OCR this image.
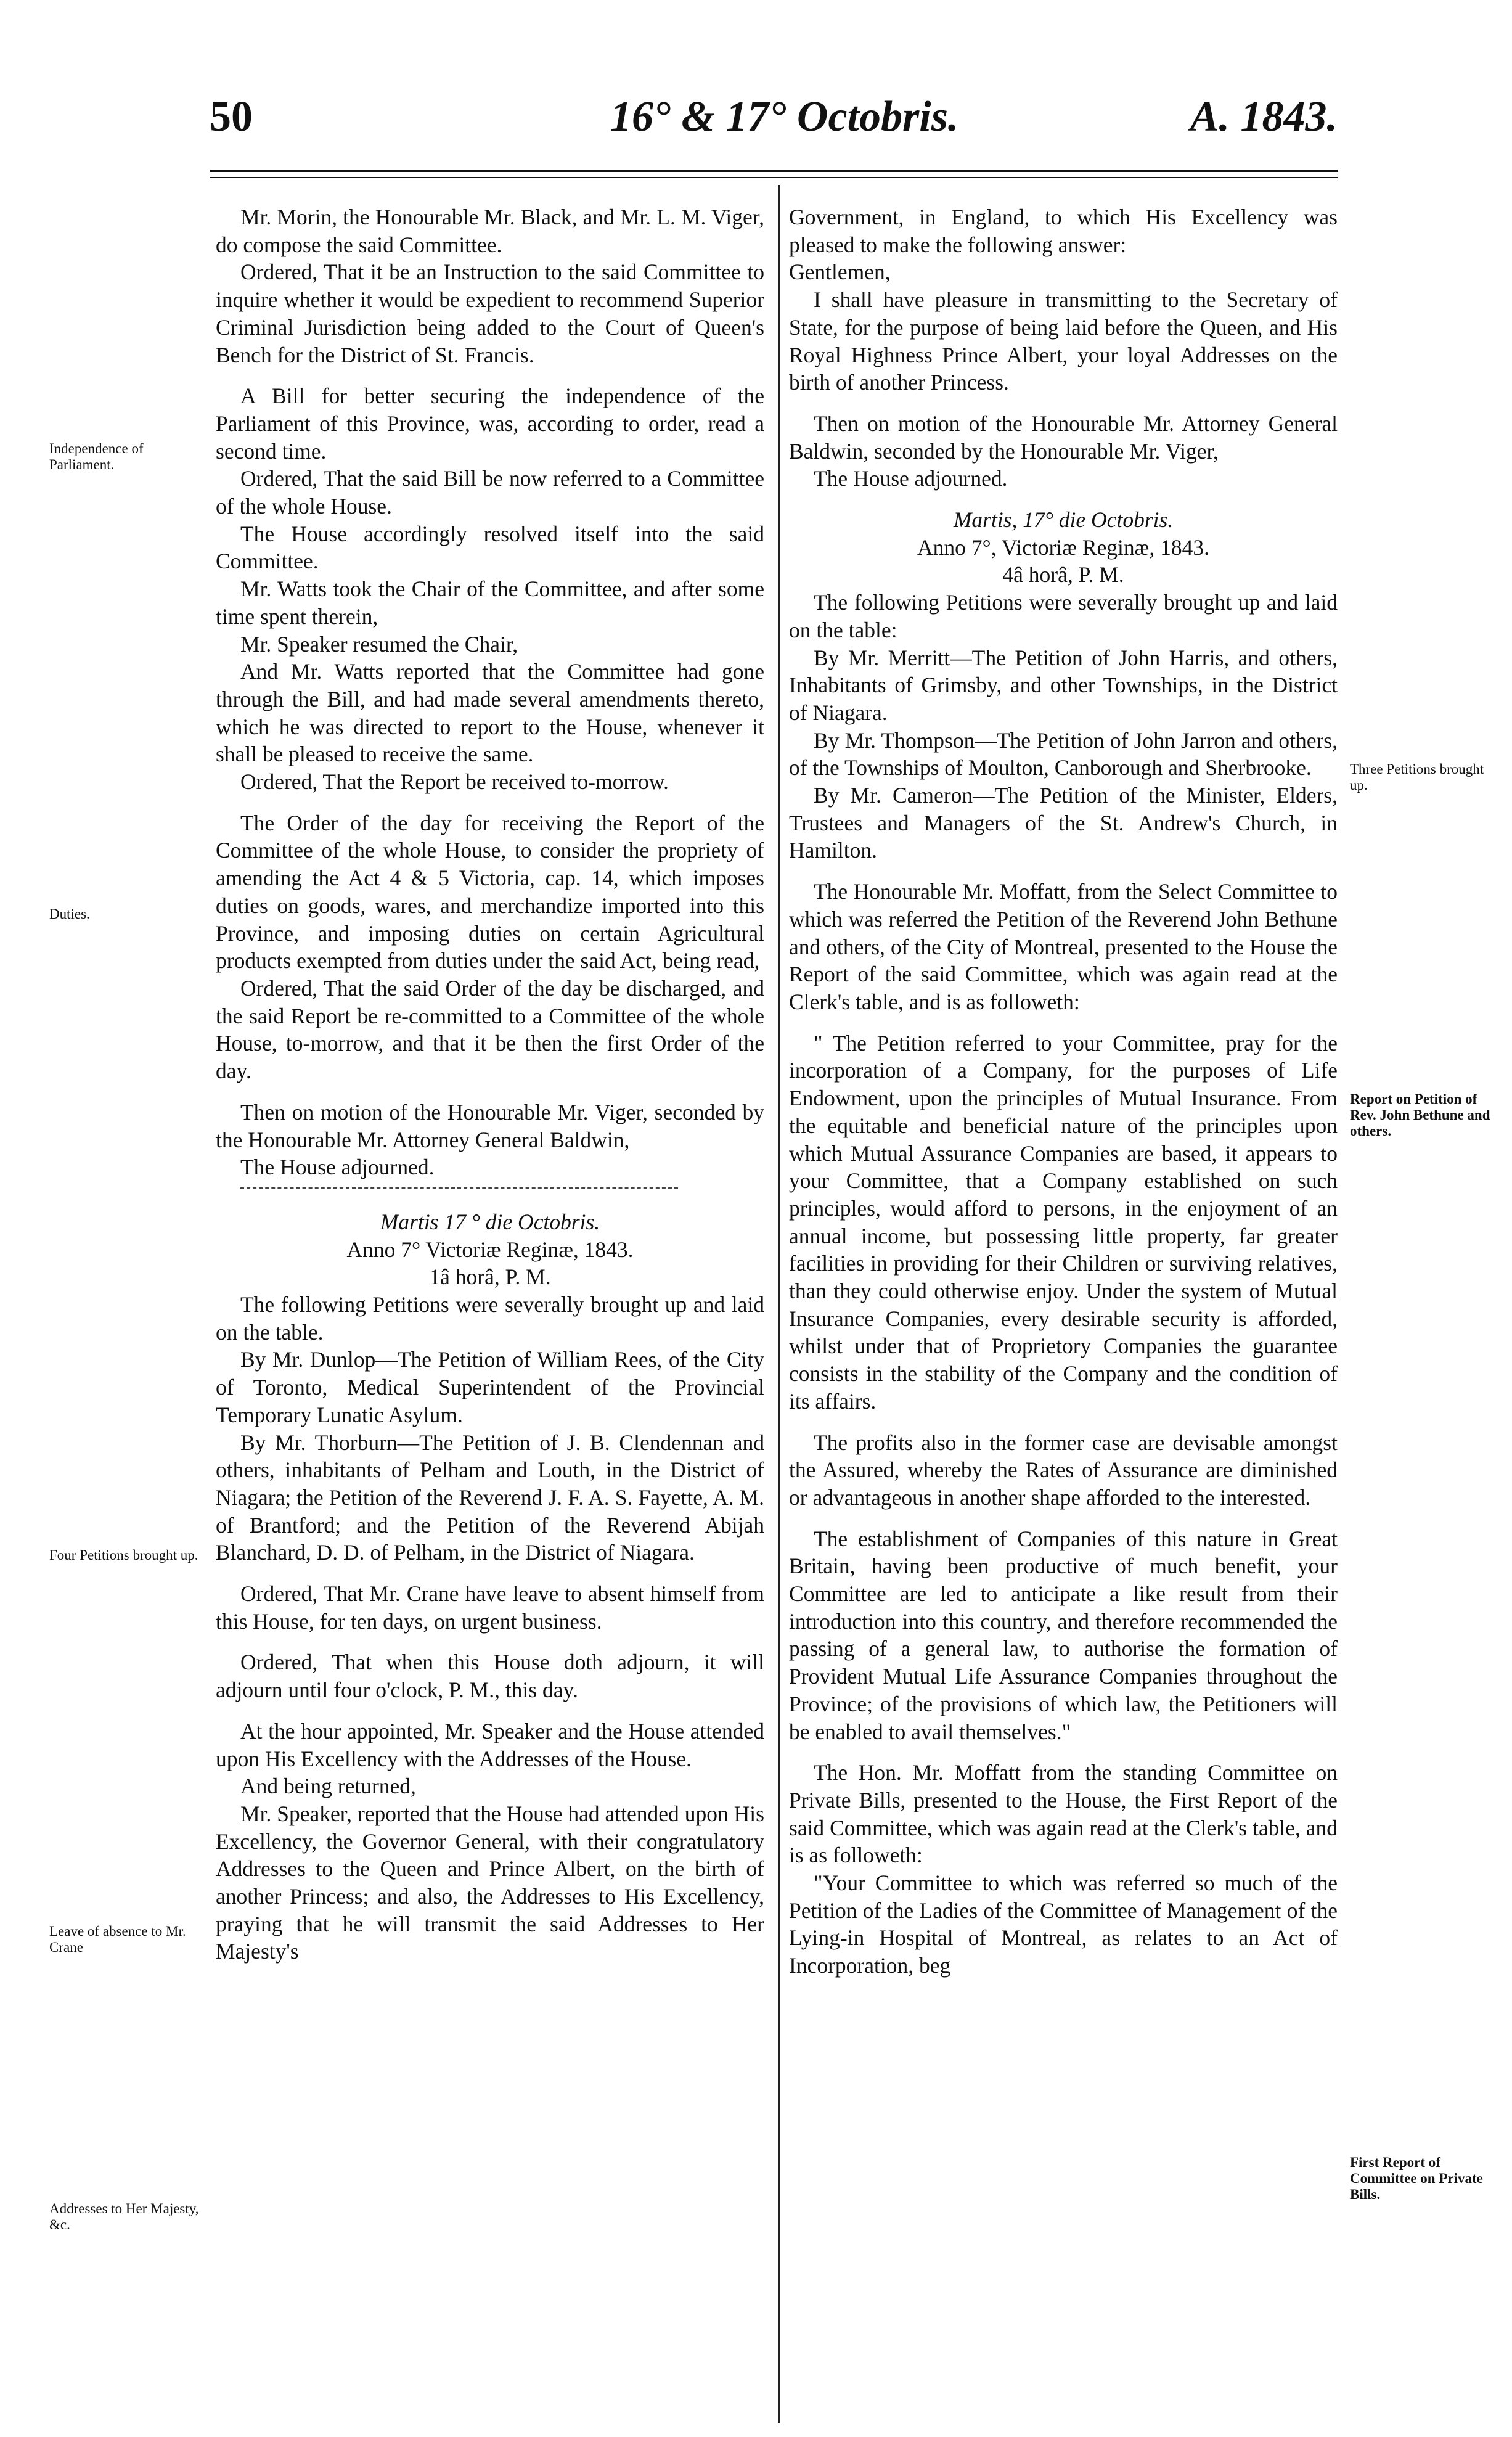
50	16° & 17° Octobris.	A. 1843.
Independence of Parliament.
Duties.
Four Petitions brought up.
Leave of absence to Mr. Crane
Addresses to Her Majesty, &c.
Three Petitions brought up.
Report on Petition of Rev. John Bethune and others.
First Report of Committee on Private Bills.

Mr. Morin, the Honourable Mr. Black, and Mr. L. M. Viger, do compose the said Committee.

Ordered, That it be an Instruction to the said Committee to inquire whether it would be expedient to recommend Superior Criminal Jurisdiction being added to the Court of Queen's Bench for the District of St. Francis.

A Bill for better securing the independence of the Parliament of this Province, was, according to order, read a second time.

Ordered, That the said Bill be now referred to a Committee of the whole House.

The House accordingly resolved itself into the said Committee.

Mr. Watts took the Chair of the Committee, and after some time spent therein,

Mr. Speaker resumed the Chair,

And Mr. Watts reported that the Committee had gone through the Bill, and had made several amendments thereto, which he was directed to report to the House, whenever it shall be pleased to receive the same.

Ordered, That the Report be received to-morrow.

The Order of the day for receiving the Report of the Committee of the whole House, to consider the propriety of amending the Act 4 & 5 Victoria, cap. 14, which imposes duties on goods, wares, and merchandize imported into this Province, and imposing duties on certain Agricultural products exempted from duties under the said Act, being read,

Ordered, That the said Order of the day be discharged, and the said Report be re-committed to a Committee of the whole House, to-morrow, and that it be then the first Order of the day.

Then on motion of the Honourable Mr. Viger, seconded by the Honourable Mr. Attorney General Baldwin,

The House adjourned.

Martis 17 ° die Octobris.

Anno 7° Victoriæ Reginæ, 1843.

1â horâ, P. M.

The following Petitions were severally brought up and laid on the table.

By Mr. Dunlop—The Petition of William Rees, of the City of Toronto, Medical Superintendent of the Provincial Temporary Lunatic Asylum.

By Mr. Thorburn—The Petition of J. B. Clendennan and others, inhabitants of Pelham and Louth, in the District of Niagara; the Petition of the Reverend J. F. A. S. Fayette, A. M. of Brantford; and the Petition of the Reverend Abijah Blanchard, D. D. of Pelham, in the District of Niagara.

Ordered, That Mr. Crane have leave to absent himself from this House, for ten days, on urgent business.

Ordered, That when this House doth adjourn, it will adjourn until four o'clock, P. M., this day.

At the hour appointed, Mr. Speaker and the House attended upon His Excellency with the Addresses of the House.

And being returned,

Mr. Speaker, reported that the House had attended upon His Excellency, the Governor General, with their congratulatory Addresses to the Queen and Prince Albert, on the birth of another Princess; and also, the Addresses to His Excellency, praying that he will transmit the said Addresses to Her Majesty's

Government, in England, to which His Excellency was pleased to make the following answer:

Gentlemen,

I shall have pleasure in transmitting to the Secretary of State, for the purpose of being laid before the Queen, and His Royal Highness Prince Albert, your loyal Addresses on the birth of another Princess.

Then on motion of the Honourable Mr. Attorney General Baldwin, seconded by the Honourable Mr. Viger,

The House adjourned.

Martis, 17° die Octobris.

Anno 7°, Victoriæ Reginæ, 1843.

4â horâ, P. M.

The following Petitions were severally brought up and laid on the table:

By Mr. Merritt—The Petition of John Harris, and others, Inhabitants of Grimsby, and other Townships, in the District of Niagara.

By Mr. Thompson—The Petition of John Jarron and others, of the Townships of Moulton, Canborough and Sherbrooke.

By Mr. Cameron—The Petition of the Minister, Elders, Trustees and Managers of the St. Andrew's Church, in Hamilton.

The Honourable Mr. Moffatt, from the Select Committee to which was referred the Petition of the Reverend John Bethune and others, of the City of Montreal, presented to the House the Report of the said Committee, which was again read at the Clerk's table, and is as followeth:

" The Petition referred to your Committee, pray for the incorporation of a Company, for the purposes of Life Endowment, upon the principles of Mutual Insurance. From the equitable and beneficial nature of the principles upon which Mutual Assurance Companies are based, it appears to your Committee, that a Company established on such principles, would afford to persons, in the enjoyment of an annual income, but possessing little property, far greater facilities in providing for their Children or surviving relatives, than they could otherwise enjoy. Under the system of Mutual Insurance Companies, every desirable security is afforded, whilst under that of Proprietory Companies the guarantee consists in the stability of the Company and the condition of its affairs.

The profits also in the former case are devisable amongst the Assured, whereby the Rates of Assurance are diminished or advantageous in another shape afforded to the interested.

The establishment of Companies of this nature in Great Britain, having been productive of much benefit, your Committee are led to anticipate a like result from their introduction into this country, and therefore recommended the passing of a general law, to authorise the formation of Provident Mutual Life Assurance Companies throughout the Province; of the provisions of which law, the Petitioners will be enabled to avail themselves."

The Hon. Mr. Moffatt from the standing Committee on Private Bills, presented to the House, the First Report of the said Committee, which was again read at the Clerk's table, and is as followeth:

"Your Committee to which was referred so much of the Petition of the Ladies of the Committee of Management of the Lying-in Hospital of Montreal, as relates to an Act of Incorporation, beg
